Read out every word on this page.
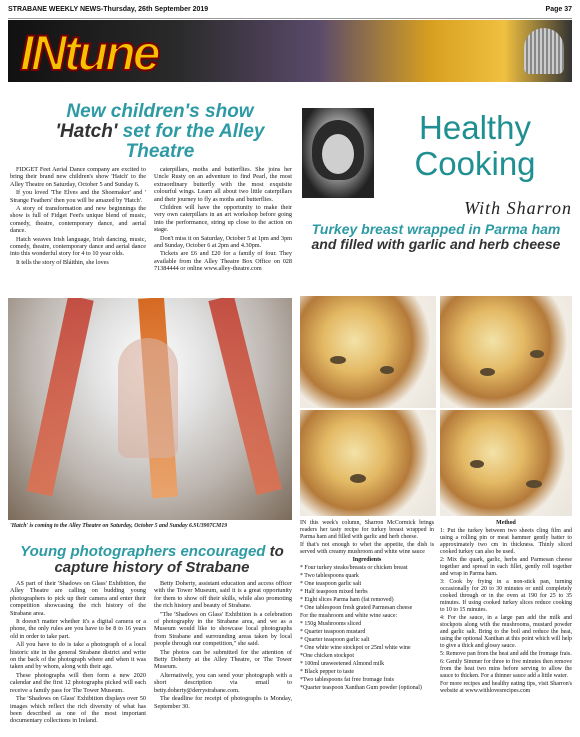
STRABANE WEEKLY NEWS-Thursday, 26th September 2019	Page 37
INtune
New children's show
'Hatch' set for the Alley Theatre

FIDGET Feet Aerial Dance company are excited to bring their brand new children's show 'Hatch' to the Alley Theatre on Saturday, October 5 and Sunday 6.

If you loved 'The Elves and the Shoemaker' and ' Strange Feathers' then you will be amazed by 'Hatch'.

A story of transformation and new beginnings the show is full of Fidget Feet's unique blend of music, comedy, theatre, contemporary dance, and aerial dance.

Hatch weaves Irish language, Irish dancing, music, comedy, theatre, contemporary dance and aerial dance into this wonderful story for 4 to 10 year olds.

It tells the story of Bláithin, she loves

caterpillars, moths and butterflies. She joins her Uncle Rusty on an adventure to find Pearl, the most extraordinary butterfly with the most exquisite colourful wings. Learn all about two little caterpillars and their journey to fly as moths and butterflies.

Children will have the opportunity to make their very own caterpillars in an art workshop before going into the performance, string up close to the action on stage.

Don't miss it on Saturday, October 5 at 1pm and 3pm and Sunday, October 6 at 2pm and 4.30pm.

Tickets are £6 and £20 for a family of four. They available from the Alley Theatre Box Office on 028 71384444 or online www.alley-theatre.com

'Hatch' is coming to the Alley Theatre on Saturday, October 5 and Sunday 6.SU3907CM19
Young photographers encouraged to capture history of Strabane

AS part of their 'Shadows on Glass' Exhibition, the Alley Theatre are calling on budding young photographers to pick up their camera and enter their competition showcasing the rich history of the Strabane area.

It doesn't matter whether it's a digital camera or a phone, the only rules are you have to be 8 to 16 years old in order to take part.

All you have to do is take a photograph of a local historic site in the general Strabane district and write on the back of the photograph where and when it was taken and by whom, along with their age.

These photographs will then form a new 2020 calendar and the first 12 photographs picked will each receive a family pass for The Tower Museum.

The 'Shadows on Glass' Exhibition displays over 50 images which reflect the rich diversity of what has been described as one of the most important documentary collections in Ireland.

Betty Doherty, assistant education and access officer with the Tower Museum, said it is a great opportunity for them to show off their skills, while also promoting the rich history and beauty of Strabane.

"The 'Shadows on Glass' Exhibition is a celebration of photography in the Strabane area, and we as a Museum would like to showcase local photographs from Strabane and surrounding areas taken by local people through our competition," she said.

The photos can be submitted for the attention of Betty Doherty at the Alley Theatre, or The Tower Museum.

Alternatively, you can send your photograph with a short description via email to betty.doherty@derrystrabane.com.

The deadline for receipt of photographs is Monday, September 30.

Healthy
Cooking
With Sharron
Turkey breast wrapped in Parma ham and filled with garlic and herb cheese

IN this week's column, Sharron McCormick brings readers her tasty recipe for turkey breast wrapped in Parma ham and filled with garlic and herb cheese.

If that's not enough to whet the appetite, the dish is served with creamy mushroom and white wine sauce

Ingredients

* Four turkey steaks/breasts or chicken breast

* Two tablespoons quark

* One teaspoon garlic salt

* Half teaspoon mixed herbs

* Eight slices Parma ham (fat removed)

* One tablespoon fresh grated Parmesan cheese

For the mushroom and white wine sauce:

* 150g Mushrooms sliced

* Quarter teaspoon mustard

* Quarter teaspoon garlic salt

* One white wine stockpot or 25ml white wine

*One chicken stockpot

* 100ml unsweetened Almond milk

* Black pepper to taste

*Two tablespoons fat free fromage frais

*Quarter teaspoon Xanthan Gum powder (optional)

Method

1: Put the turkey between two sheets cling film and using a rolling pin or meat hammer gently batter to approximately two cm in thickness. Thinly sliced cooked turkey can also be used.

2: Mix the quark, garlic, herbs and Parmesan cheese together and spread in each fillet, gently roll together and wrap in Parma ham.

3: Cook by frying in a non-stick pan, turning occasionally for 20 to 30 minutes or until completely cooked through or in the oven at 190 for 25 to 35 minutes. If using cooked turkey slices reduce cooking to 10 to 15 minutes.

4: For the sauce, in a large pan add the milk and stockpots along with the mushrooms, mustard powder and garlic salt. Bring to the boil and reduce the heat, using the optional Xanthan at this point which will help to give a thick and glossy sauce.

5: Remove pan from the heat and add the fromage frais.

6: Gently Simmer for three to five minutes then remove from the heat two mins before serving to allow the sauce to thicken. For a thinner sauce add a little water.

For more recipes and healthy eating tips, visit Sharron's website at www.withlovesrecipes.com
